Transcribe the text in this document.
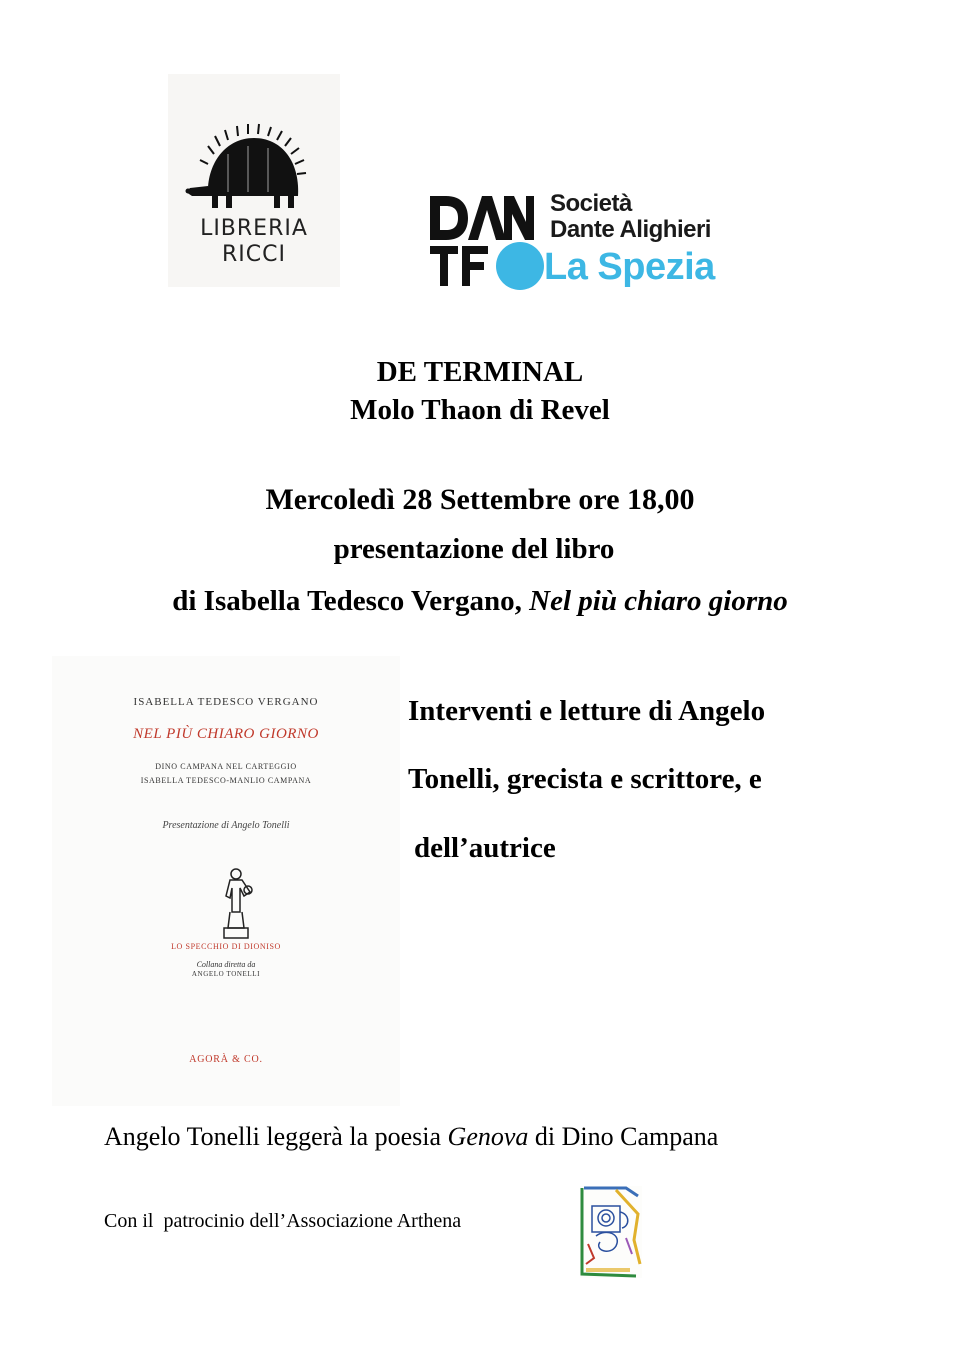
LIBRERIA
RICCI
Società
Dante Alighieri
La Spezia
DE TERMINAL
Molo Thaon di Revel
Mercoledì 28 Settembre ore 18,00
presentazione del libro
di Isabella Tedesco Vergano, Nel più chiaro giorno
ISABELLA TEDESCO VERGANO
NEL PIÙ CHIARO GIORNO
DINO CAMPANA NEL CARTEGGIO
ISABELLA TEDESCO-MANLIO CAMPANA
Presentazione di Angelo Tonelli
LO SPECCHIO DI DIONISO
Collana diretta da
ANGELO TONELLI
AGORÀ & CO.
Interventi e letture di Angelo
Tonelli, grecista e scrittore, e
dell’autrice
Angelo Tonelli leggerà la poesia Genova di Dino Campana
Con il  patrocinio dell’Associazione Arthena
